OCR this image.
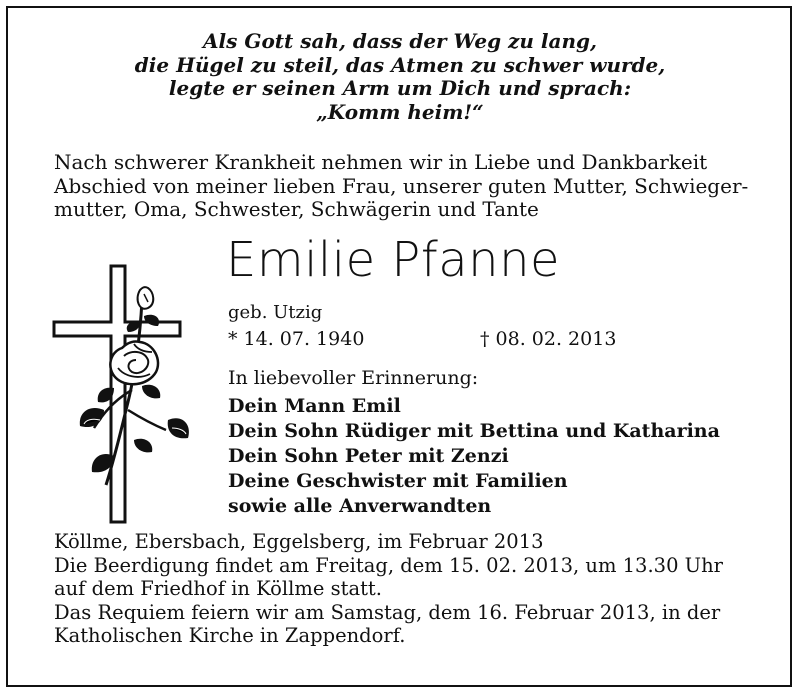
Als Gott sah, dass der Weg zu lang,
die Hügel zu steil, das Atmen zu schwer wurde,
legte er seinen Arm um Dich und sprach:
„Komm heim!“
Nach schwerer Krankheit nehmen wir in Liebe und Dankbarkeit
Abschied von meiner lieben Frau, unserer guten Mutter, Schwieger-
mutter, Oma, Schwester, Schwägerin und Tante
Emilie Pfanne
geb. Utzig
* 14. 07. 1940	† 08. 02. 2013
In liebevoller Erinnerung:
Dein Mann Emil
Dein Sohn Rüdiger mit Bettina und Katharina
Dein Sohn Peter mit Zenzi
Deine Geschwister mit Familien
sowie alle Anverwandten
Köllme, Ebersbach, Eggelsberg, im Februar 2013
Die Beerdigung findet am Freitag, dem 15. 02. 2013, um 13.30 Uhr
auf dem Friedhof in Köllme statt.
Das Requiem feiern wir am Samstag, dem 16. Februar 2013, in der
Katholischen Kirche in Zappendorf.
